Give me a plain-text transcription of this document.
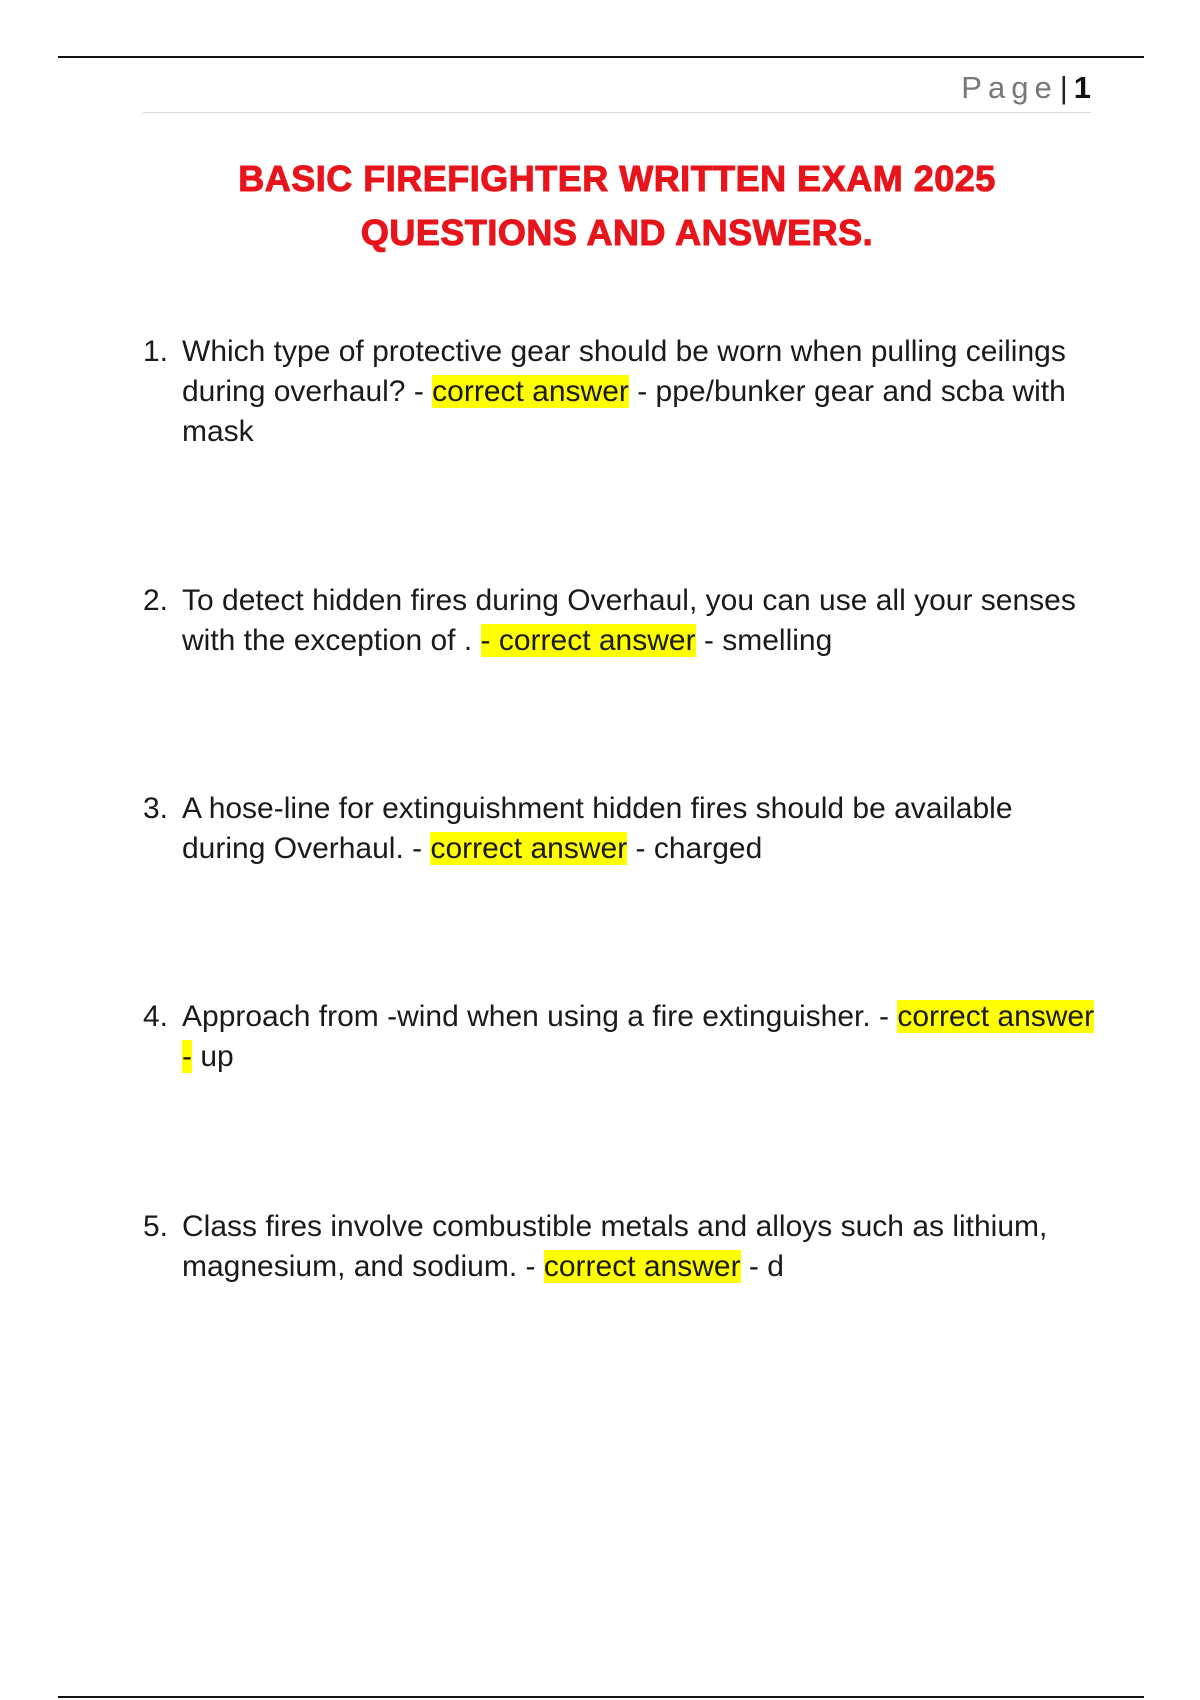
Page| 1
BASIC FIREFIGHTER WRITTEN EXAM 2025
QUESTIONS AND ANSWERS.
1. Which type of protective gear should be worn when pulling ceilings during overhaul? - correct answer - ppe/bunker gear and scba with mask
2. To detect hidden fires during Overhaul, you can use all your senses with the exception of . - correct answer - smelling
3. A hose-line for extinguishment hidden fires should be available during Overhaul. - correct answer - charged
4. Approach from -wind when using a fire extinguisher. - correct answer - up
5. Class fires involve combustible metals and alloys such as lithium, magnesium, and sodium. - correct answer - d
